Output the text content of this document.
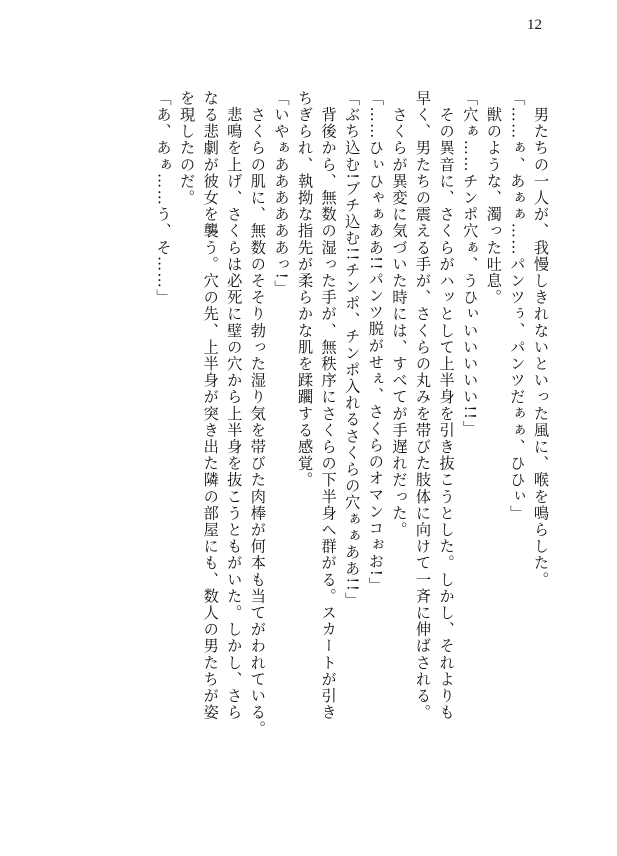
12
　男たちの一人が、我慢しきれないといった風に、喉を鳴らした。
「……ぁ、あぁぁ……パンツぅ、パンツだぁぁ、ひひぃ」
　獣のような、濁った吐息。
「穴ぁ……チンポ穴ぁ、うひぃいいいいい!!」
　その異音に、さくらがハッとして上半身を引き抜こうとした。しかし、それよりも
早く、男たちの震える手が、さくらの丸みを帯びた肢体に向けて一斉に伸ばされる。
　さくらが異変に気づいた時には、すべてが手遅れだった。
「……ひぃひゃぁああ!!パンツ脱がせぇ、さくらのオマンコぉお!」
「ぶち込む!ブチ込む!!チンポ、チンポ入れるさくらの穴ぁぁああ!!」
　背後から、無数の湿った手が、無秩序にさくらの下半身へ群がる。スカートが引き
ちぎられ、執拗な指先が柔らかな肌を蹂躙する感覚。
「いやぁああああああっ!」
　さくらの肌に、無数のそそり勃った湿り気を帯びた肉棒が何本も当てがわれている。
　悲鳴を上げ、さくらは必死に壁の穴から上半身を抜こうともがいた。しかし、さら
なる悲劇が彼女を襲う。穴の先、上半身が突き出た隣の部屋にも、数人の男たちが姿
を現したのだ。
「あ、あぁ……う、そ……」
